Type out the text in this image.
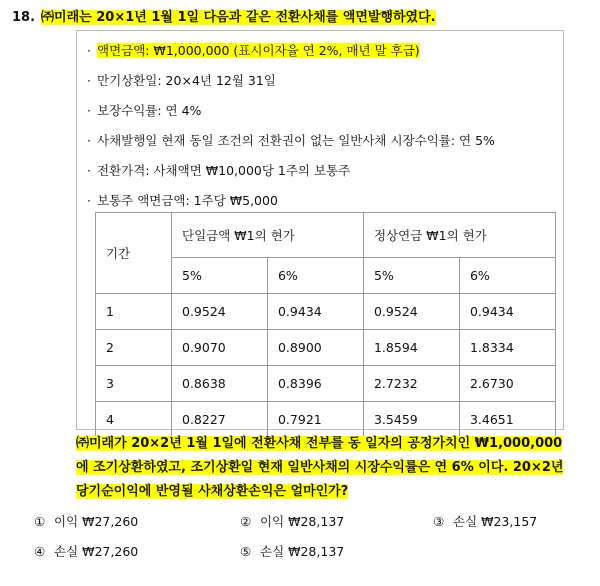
18. ㈜미래는 20×1년 1월 1일 다음과 같은 전환사채를 액면발행하였다.
· 액면금액: ₩1,000,000 (표시이자율 연 2%, 매년 말 후급)
· 만기상환일: 20×4년 12월 31일
· 보장수익률: 연 4%
· 사채발행일 현재 동일 조건의 전환권이 없는 일반사채 시장수익률: 연 5%
· 전환가격: 사채액면 ₩10,000당 1주의 보통주
· 보통주 액면금액: 1주당 ₩5,000
기간	단일금액 ₩1의 현가		정상연금 ₩1의 현가	
	5%	6%	5%	6%
1	0.9524	0.9434	0.9524	0.9434
2	0.9070	0.8900	1.8594	1.8334
3	0.8638	0.8396	2.7232	2.6730
4	0.8227	0.7921	3.5459	3.4651
㈜미래가 20×2년 1월 1일에 전환사채 전부를 동 일자의 공정가치인 ₩1,000,000에 조기상환하였고, 조기상환일 현재 일반사채의 시장수익률은 연 6% 이다. 20×2년 당기순이익에 반영될 사채상환손익은 얼마인가?
① 이익 ₩27,260	② 이익 ₩28,137	③ 손실 ₩23,157
④ 손실 ₩27,260	⑤ 손실 ₩28,137
